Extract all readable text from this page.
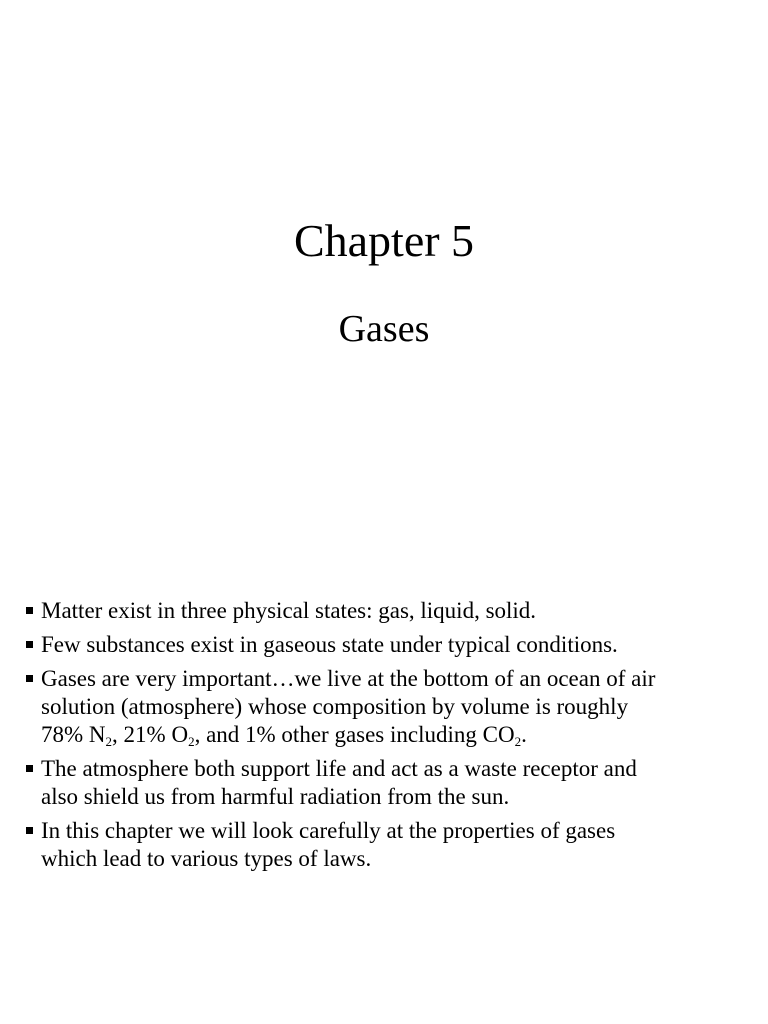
Chapter 5
Gases
Matter exist in three physical states: gas, liquid, solid.
Few substances exist in gaseous state under typical conditions.
Gases are very important…we live at the bottom of an ocean of air
solution (atmosphere) whose composition by volume is roughly
78% $N_2$, 21% $O_2$, and 1% other gases including $CO_2$.
The atmosphere both support life and act as a waste receptor and
also shield us from harmful radiation from the sun.
In this chapter we will look carefully at the properties of gases
which lead to various types of laws.
